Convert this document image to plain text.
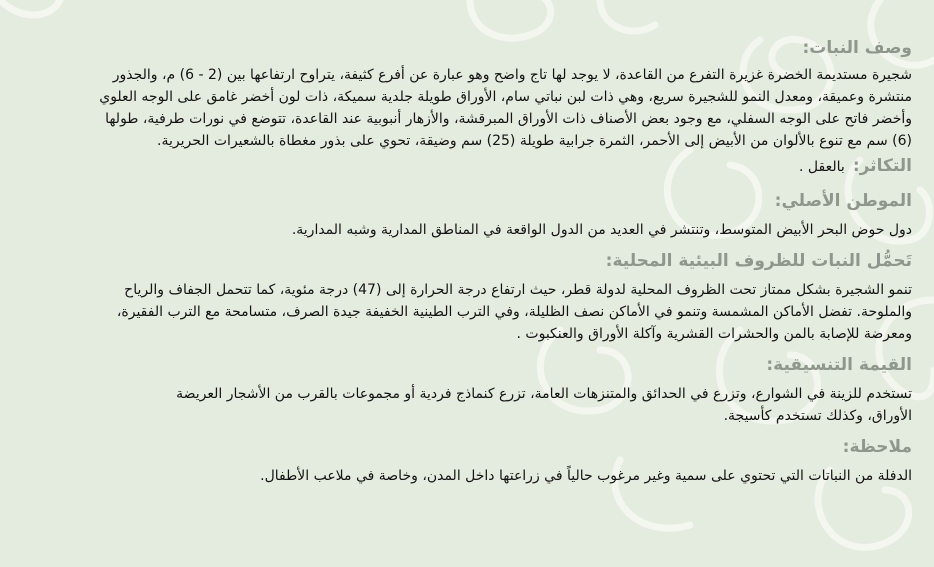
وصف النبات:

شجيرة مستديمة الخضرة غزيرة التفرع من القاعدة، لا يوجد لها تاج واضح وهو عبارة عن أفرع كثيفة، يتراوح ارتفاعها بين (2 - 6) م، والجذور منتشرة وعميقة، ومعدل النمو للشجيرة سريع، وهي ذات لبن نباتي سام، الأوراق طويلة جلدية سميكة، ذات لون أخضر غامق على الوجه العلوي وأخضر فاتح على الوجه السفلي، مع وجود بعض الأصناف ذات الأوراق المبرقشة، والأزهار أنبوبية عند القاعدة، تتوضع في نورات طرفية، طولها (6) سم مع تنوع بالألوان من الأبيض إلى الأحمر، الثمرة جرابية طويلة (25) سم وضيقة، تحوي على بذور مغطاة بالشعيرات الحريرية.

التكاثر:
بالعقل .
الموطن الأصلي:

دول حوض البحر الأبيض المتوسط، وتنتشر في العديد من الدول الواقعة في المناطق المدارية وشبه المدارية.

تَحمُّل النبات للظروف البيئية المحلية:

تنمو الشجيرة بشكل ممتاز تحت الظروف المحلية لدولة قطر، حيث ارتفاع درجة الحرارة إلى (47) درجة مئوية، كما تتحمل الجفاف والرياح والملوحة. تفضل الأماكن المشمسة وتنمو في الأماكن نصف الظليلة، وفي الترب الطينية الخفيفة جيدة الصرف، متسامحة مع الترب الفقيرة، ومعرضة للإصابة بالمن والحشرات القشرية وآكلة الأوراق والعنكبوت .

القيمة التنسيقية:

تستخدم للزينة في الشوارع، وتزرع في الحدائق والمتنزهات العامة، تزرع كنماذج فردية أو مجموعات بالقرب من الأشجار العريضة الأوراق، وكذلك تستخدم كأسيجة.

ملاحظة:

الدفلة من النباتات التي تحتوي على سمية وغير مرغوب حالياً في زراعتها داخل المدن، وخاصة في ملاعب الأطفال.
